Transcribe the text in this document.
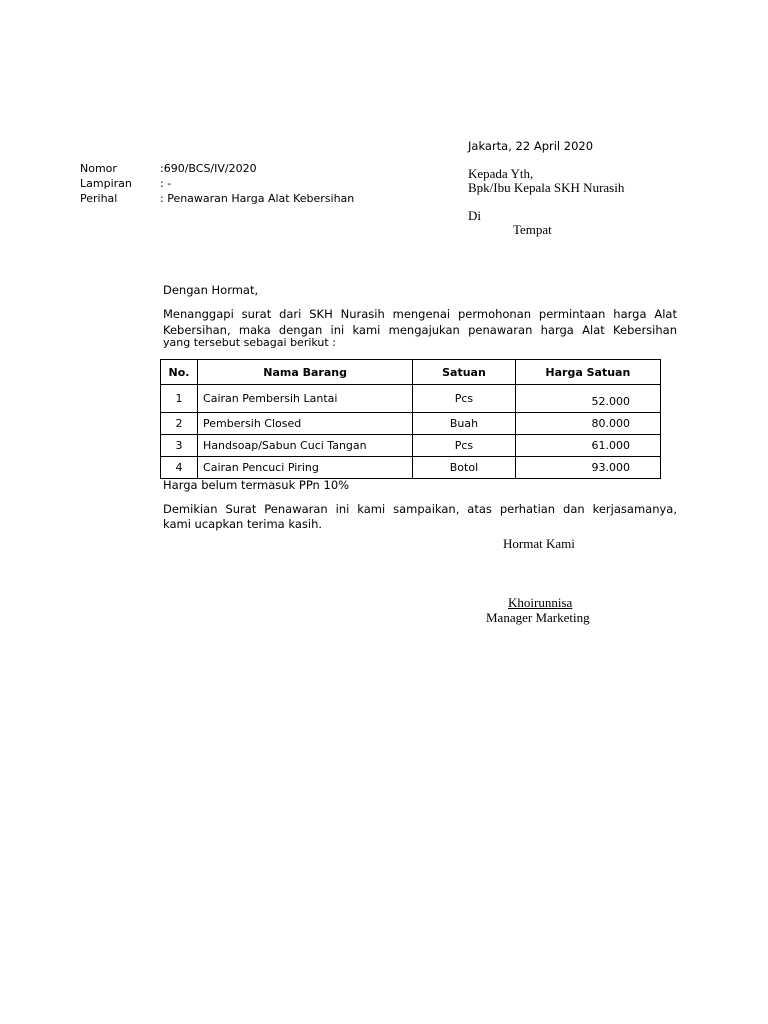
Jakarta, 22 April 2020
Nomor	:690/BCS/IV/2020
Lampiran	: -
Perihal	: Penawaran Harga Alat Kebersihan
Kepada Yth,
Bpk/Ibu Kepala SKH Nurasih
Di
Tempat
Dengan Hormat,
Menanggapi surat dari SKH Nurasih mengenai permohonan permintaan harga Alat
Kebersihan, maka dengan ini kami mengajukan penawaran harga Alat Kebersihan
yang tersebut sebagai berikut :
No.	Nama Barang	Satuan	Harga Satuan
1	Cairan Pembersih Lantai	Pcs	52.000
2	Pembersih Closed	Buah	80.000
3	Handsoap/Sabun Cuci Tangan	Pcs	61.000
4	Cairan Pencuci Piring	Botol	93.000
Harga belum termasuk PPn 10%
Demikian Surat Penawaran ini kami sampaikan, atas perhatian dan kerjasamanya,
kami ucapkan terima kasih.
Hormat Kami
Khoirunnisa
Manager Marketing
